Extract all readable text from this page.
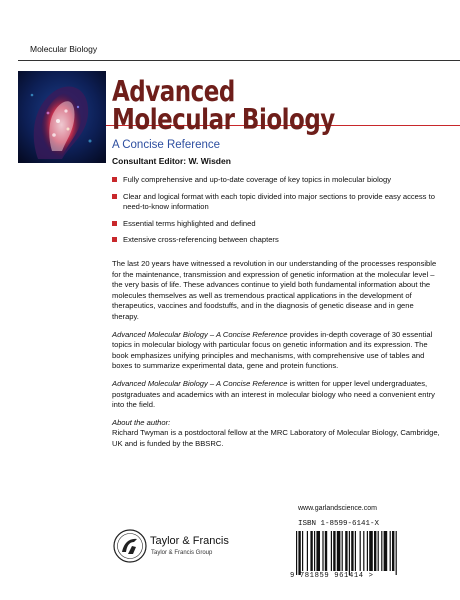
Molecular Biology
Advanced
Molecular Biology
A Concise Reference
Consultant Editor: W. Wisden
Fully comprehensive and up-to-date coverage of key topics in molecular biology
Clear and logical format with each topic divided into major sections to provide easy access to need-to-know information
Essential terms highlighted and defined
Extensive cross-referencing between chapters

The last 20 years have witnessed a revolution in our understanding of the processes responsible for the maintenance, transmission and expression of genetic information at the molecular level – the very basis of life. These advances continue to yield both fundamental information about the molecules themselves as well as tremendous practical applications in the development of therapeutics, vaccines and foodstuffs, and in the diagnosis of genetic disease and in gene therapy.

Advanced Molecular Biology – A Concise Reference provides in-depth coverage of 30 essential topics in molecular biology with particular focus on genetic information and its expression. The book emphasizes unifying principles and mechanisms, with comprehensive use of tables and boxes to summarize experimental data, gene and protein functions.

Advanced Molecular Biology – A Concise Reference is written for upper level undergraduates, postgraduates and academics with an interest in molecular biology who need a convenient entry into the field.

About the author:

Richard Twyman is a postdoctoral fellow at the MRC Laboratory of Molecular Biology, Cambridge, UK and is funded by the BBSRC.

www.garlandscience.com
ISBN 1-8599-6141-X
9 781859 961414 >
Taylor & Francis
Taylor & Francis Group
